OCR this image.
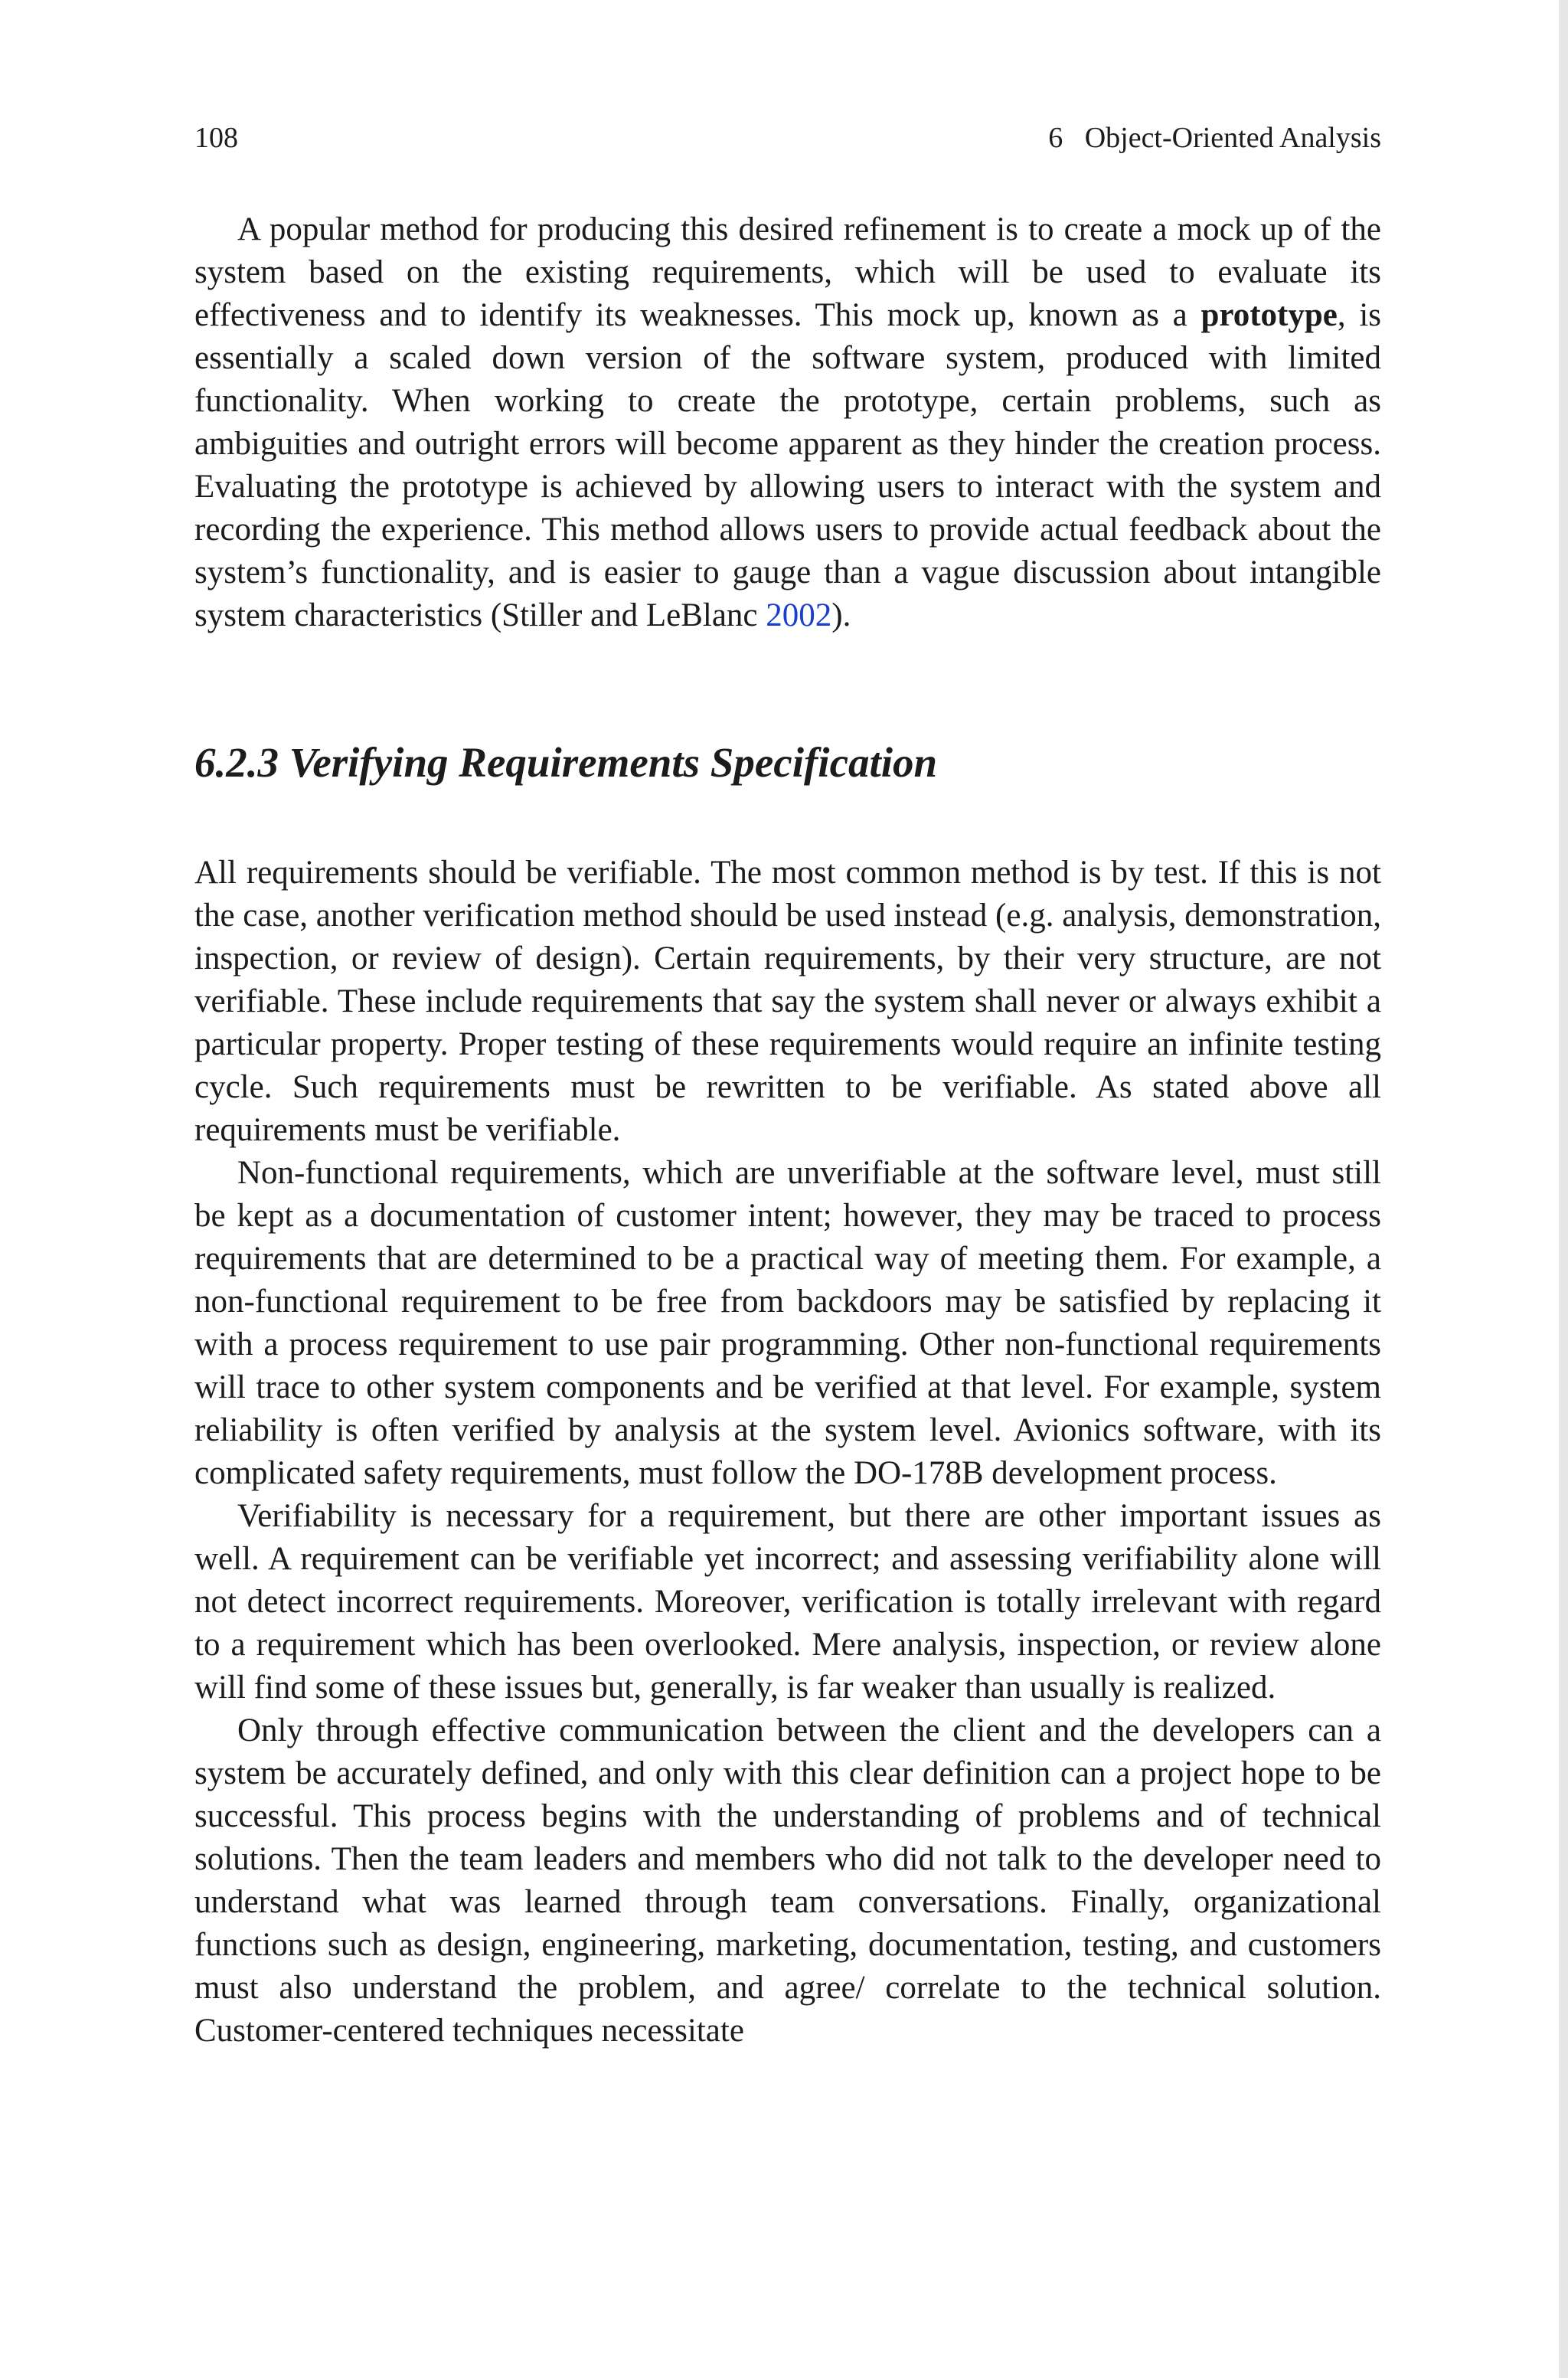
108	6 Object-Oriented Analysis

A popular method for producing this desired refinement is to create a mock up of the system based on the existing requirements, which will be used to evaluate its effectiveness and to identify its weaknesses. This mock up, known as a prototype, is essentially a scaled down version of the software system, produced with limited functionality. When working to create the prototype, certain problems, such as ambiguities and outright errors will become apparent as they hinder the creation process. Evaluating the prototype is achieved by allowing users to interact with the system and recording the experience. This method allows users to provide actual feedback about the system’s functionality, and is easier to gauge than a vague discussion about intangible system characteristics (Stiller and LeBlanc 2002).

6.2.3 Verifying Requirements Specification

All requirements should be verifiable. The most common method is by test. If this is not the case, another verification method should be used instead (e.g. analysis, demonstration, inspection, or review of design). Certain requirements, by their very structure, are not verifiable. These include requirements that say the system shall never or always exhibit a particular property. Proper testing of these requirements would require an infinite testing cycle. Such requirements must be rewritten to be verifiable. As stated above all requirements must be verifiable.

Non-functional requirements, which are unverifiable at the software level, must still be kept as a documentation of customer intent; however, they may be traced to process requirements that are determined to be a practical way of meeting them. For example, a non-functional requirement to be free from backdoors may be satisfied by replacing it with a process requirement to use pair programming. Other non-functional requirements will trace to other system components and be verified at that level. For example, system reliability is often verified by analysis at the system level. Avionics software, with its complicated safety requirements, must follow the DO-178B development process.

Verifiability is necessary for a requirement, but there are other important issues as well. A requirement can be verifiable yet incorrect; and assessing verifiability alone will not detect incorrect requirements. Moreover, verification is totally irrelevant with regard to a requirement which has been overlooked. Mere analysis, inspection, or review alone will find some of these issues but, generally, is far weaker than usually is realized.

Only through effective communication between the client and the developers can a system be accurately defined, and only with this clear definition can a project hope to be successful. This process begins with the understanding of problems and of technical solutions. Then the team leaders and members who did not talk to the developer need to understand what was learned through team conversations. Finally, organizational functions such as design, engineering, marketing, documentation, testing, and customers must also understand the problem, and agree/ correlate to the technical solution. Customer-centered techniques necessitate
